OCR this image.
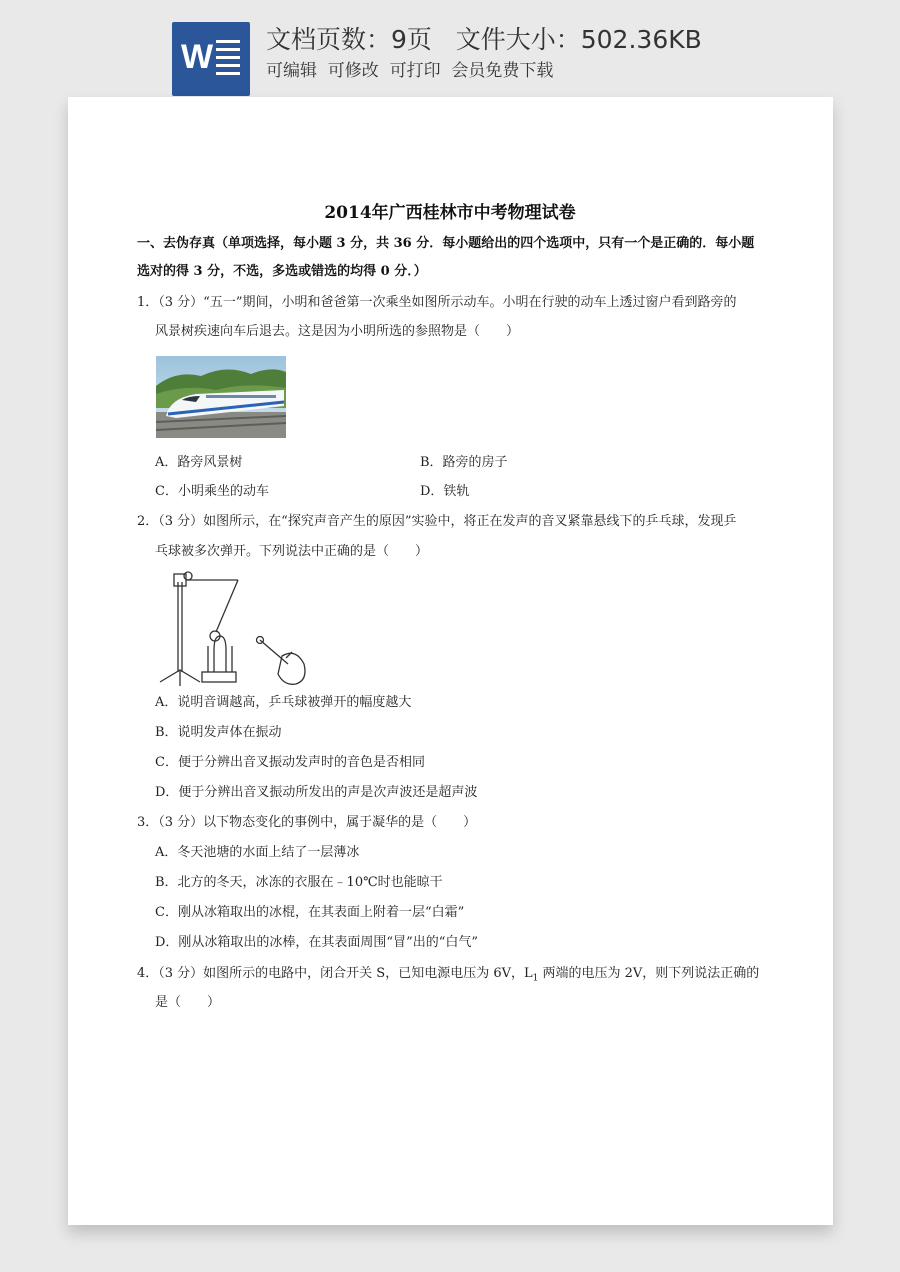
W 文档页数：9页   文件大小：502.36KB
可编辑  可修改  可打印  会员免费下载
2014年广西桂林市中考物理试卷
一、去伪存真（单项选择，每小题 3 分，共 36 分．每小题给出的四个选项中，只有一个是正确的．每小题
选对的得 3 分，不选，多选或错选的均得 0 分．）
1．（3 分）“五一”期间，小明和爸爸第一次乘坐如图所示动车。小明在行驶的动车上透过窗户看到路旁的
风景树疾速向车后退去。这是因为小明所选的参照物是（　　）
A．路旁风景树	B．路旁的房子
C．小明乘坐的动车	D．铁轨
2．（3 分）如图所示，在“探究声音产生的原因”实验中，将正在发声的音叉紧靠悬线下的乒乓球，发现乒
乓球被多次弹开。下列说法中正确的是（　　）
A．说明音调越高，乒乓球被弹开的幅度越大
B．说明发声体在振动
C．便于分辨出音叉振动发声时的音色是否相同
D．便于分辨出音叉振动所发出的声是次声波还是超声波
3．（3 分）以下物态变化的事例中，属于凝华的是（　　）
A．冬天池塘的水面上结了一层薄冰
B．北方的冬天，冰冻的衣服在﹣10℃时也能晾干
C．刚从冰箱取出的冰棍，在其表面上附着一层“白霜”
D．刚从冰箱取出的冰棒，在其表面周围“冒”出的“白气”
4．（3 分）如图所示的电路中，闭合开关 S，已知电源电压为 6V，$L_1$ 两端的电压为 2V，则下列说法正确的
是（　　）
